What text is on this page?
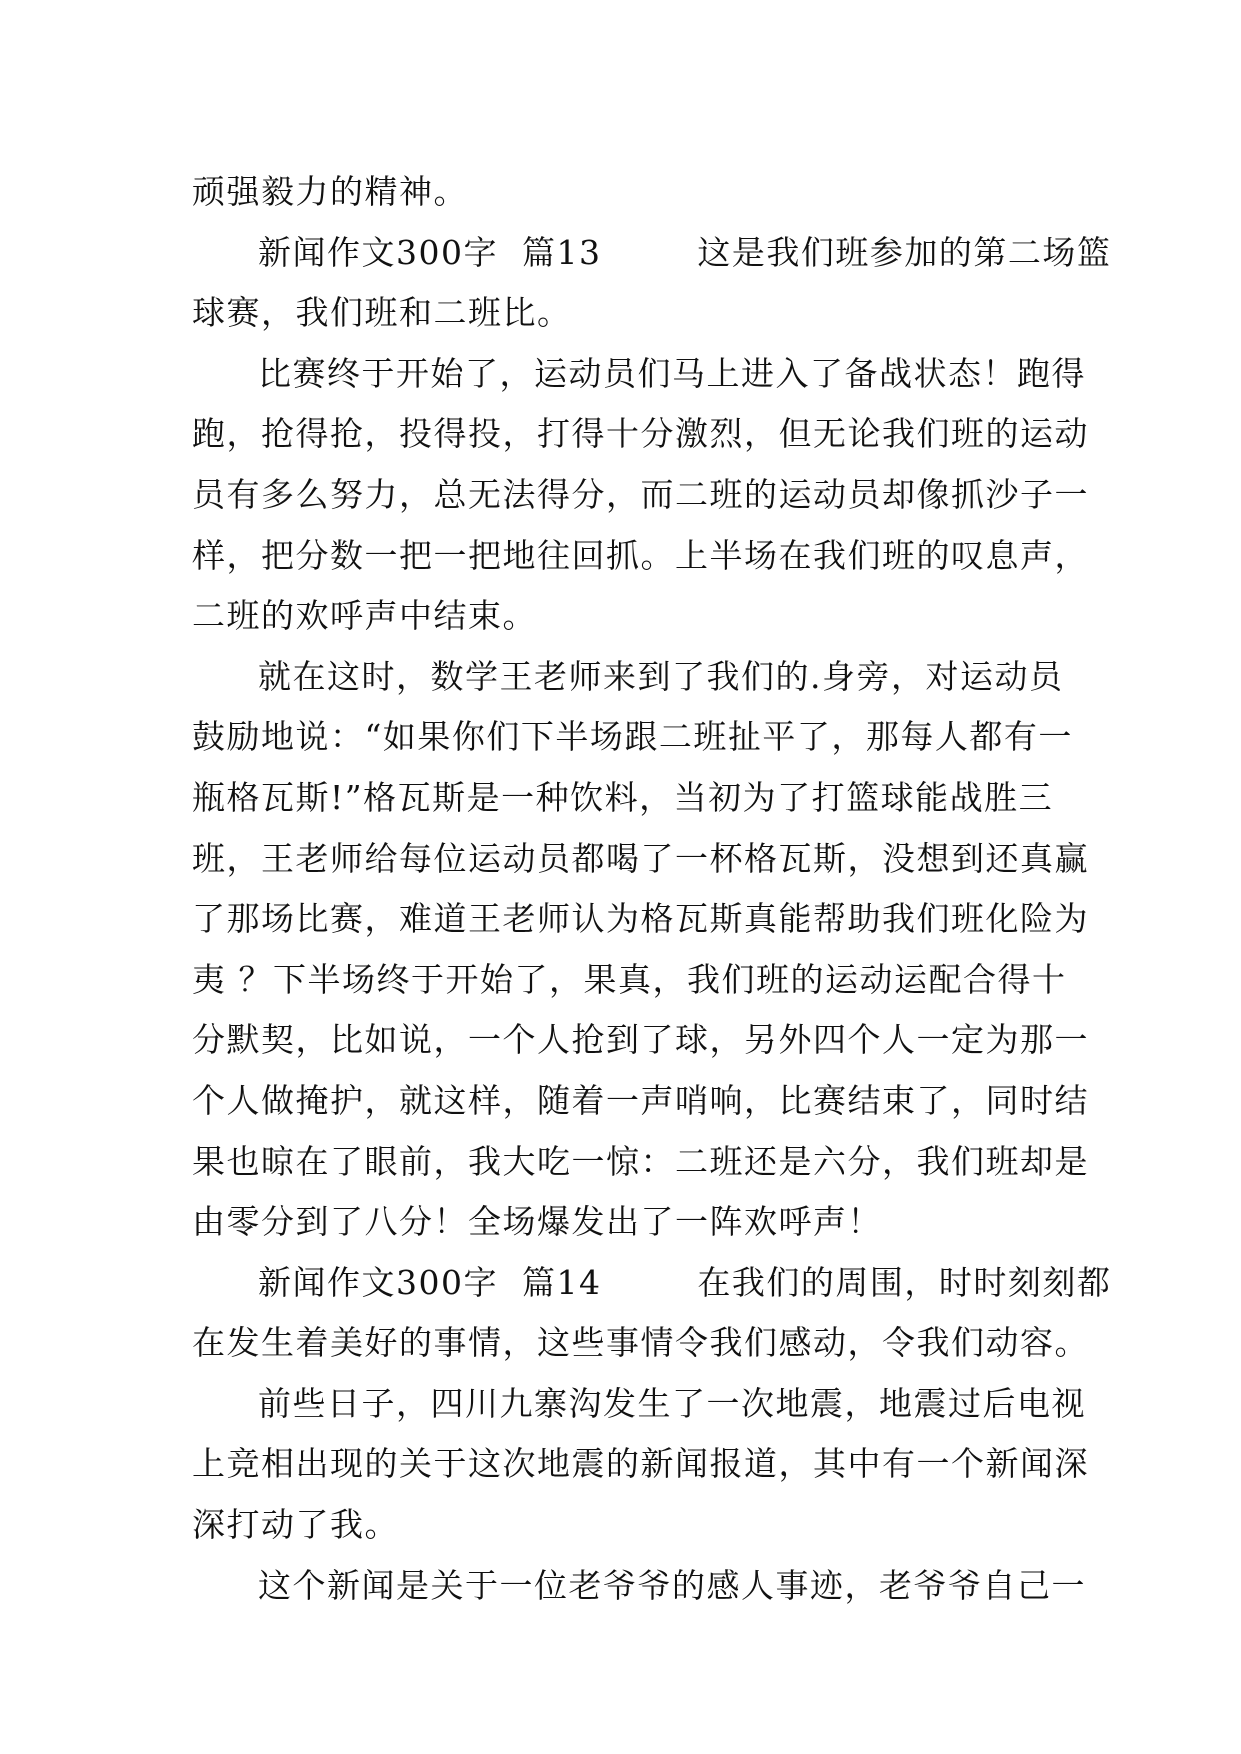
顽强毅力的精神。
新闻作文300字  篇13        这是我们班参加的第二场篮
球赛，我们班和二班比。
比赛终于开始了，运动员们马上进入了备战状态！跑得
跑，抢得抢，投得投，打得十分激烈，但无论我们班的运动
员有多么努力，总无法得分，而二班的运动员却像抓沙子一
样，把分数一把一把地往回抓。上半场在我们班的叹息声，
二班的欢呼声中结束。
就在这时，数学王老师来到了我们的.身旁，对运动员
鼓励地说：“如果你们下半场跟二班扯平了，那每人都有一
瓶格瓦斯!”格瓦斯是一种饮料，当初为了打篮球能战胜三
班，王老师给每位运动员都喝了一杯格瓦斯，没想到还真赢
了那场比赛，难道王老师认为格瓦斯真能帮助我们班化险为
夷 ？下半场终于开始了，果真，我们班的运动运配合得十
分默契，比如说，一个人抢到了球，另外四个人一定为那一
个人做掩护，就这样，随着一声哨响，比赛结束了，同时结
果也晾在了眼前，我大吃一惊：二班还是六分，我们班却是
由零分到了八分！全场爆发出了一阵欢呼声！
新闻作文300字  篇14        在我们的周围，时时刻刻都
在发生着美好的事情，这些事情令我们感动，令我们动容。
前些日子，四川九寨沟发生了一次地震，地震过后电视
上竞相出现的关于这次地震的新闻报道，其中有一个新闻深
深打动了我。
这个新闻是关于一位老爷爷的感人事迹，老爷爷自己一
